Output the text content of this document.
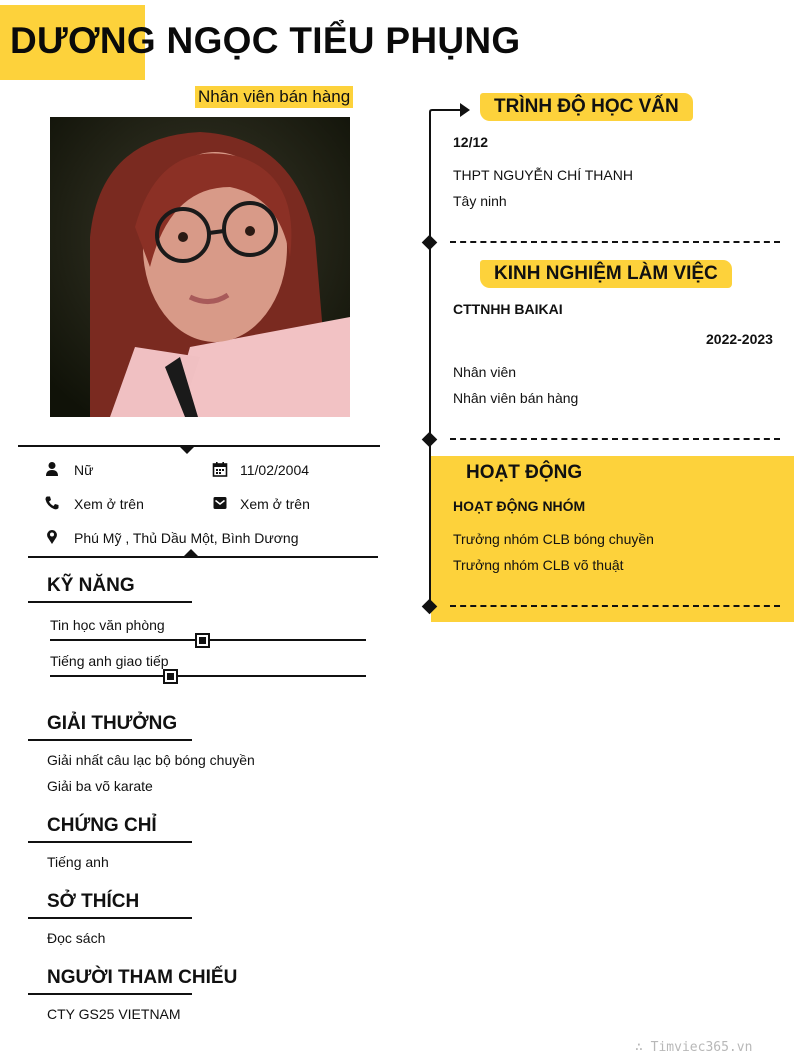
DƯƠNG NGỌC TIỂU PHỤNG
Nhân viên bán hàng
Nữ	11/02/2004
Xem ở trên	Xem ở trên
Phú Mỹ , Thủ Dầu Một, Bình Dương
KỸ NĂNG
Tin học văn phòng
Tiếng anh giao tiếp
GIẢI THƯỞNG
Giải nhất câu lạc bộ bóng chuyền
Giải ba võ karate
CHỨNG CHỈ
Tiếng anh
SỞ THÍCH
Đọc sách
NGƯỜI THAM CHIẾU
CTY GS25 VIETNAM
TRÌNH ĐỘ HỌC VẤN
12/12
THPT NGUYỄN CHÍ THANH
Tây ninh
KINH NGHIỆM LÀM VIỆC
CTTNHH BAIKAI
2022-2023
Nhân viên
Nhân viên bán hàng
HOẠT ĐỘNG
HOẠT ĐỘNG NHÓM
Trưởng nhóm CLB bóng chuyền
Trưởng nhóm CLB võ thuật
∴ Timviec365.vn
